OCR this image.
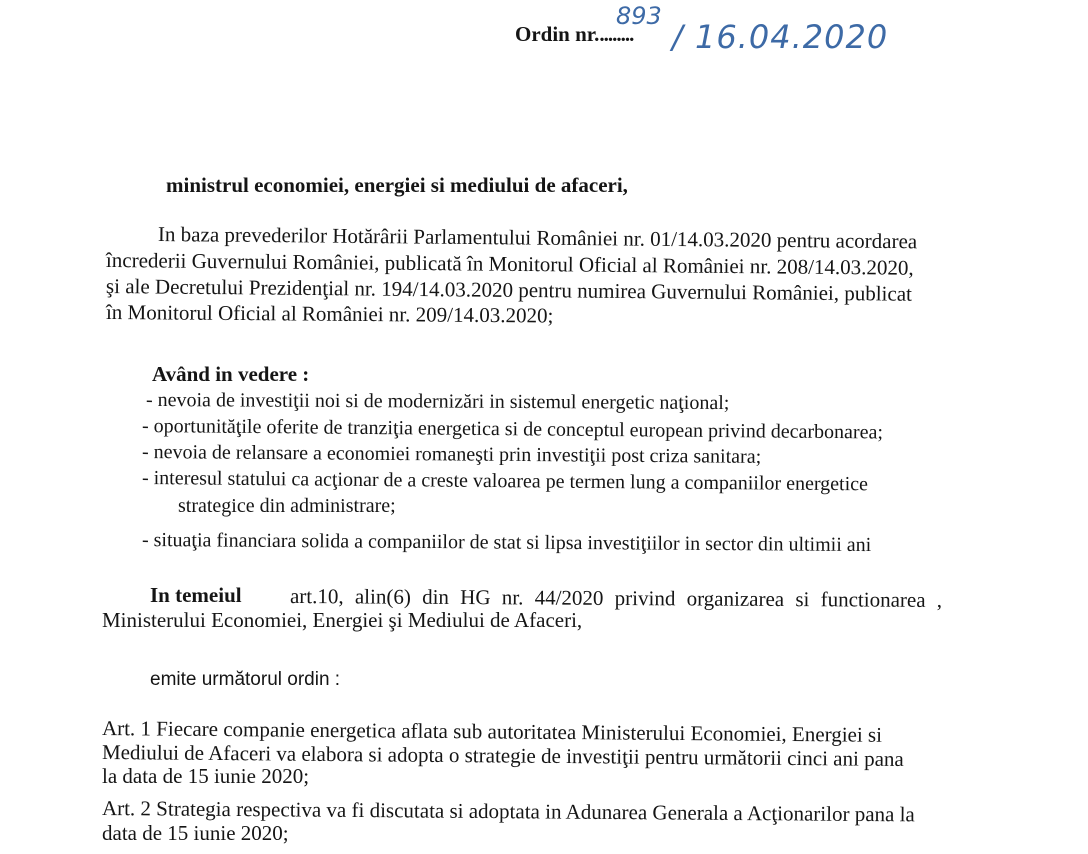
Ordin nr.........
893
/ 16.04.2020
ministrul economiei, energiei si mediului de afaceri,
In baza prevederilor Hotărârii Parlamentului României nr. 01/14.03.2020 pentru acordarea
încrederii Guvernului României, publicată în Monitorul Oficial al României nr. 208/14.03.2020,
şi ale Decretului Prezidenţial nr. 194/14.03.2020 pentru numirea Guvernului României, publicat
în Monitorul Oficial al României nr. 209/14.03.2020;
Având in vedere :
- nevoia de investiţii noi si de modernizări in sistemul energetic naţional;
- oportunităţile oferite de tranziţia energetica si de conceptul european privind decarbonarea;
- nevoia de relansare a economiei romaneşti prin investiţii post criza sanitara;
- interesul statului ca acţionar de a creste valoarea pe termen lung a companiilor energetice
strategice din administrare;
- situaţia financiara solida a companiilor de stat si lipsa investiţiilor in sector din ultimii ani
In temeiul art.10, alin(6) din HG nr. 44/2020 privind organizarea si functionarea ,
Ministerului Economiei, Energiei şi Mediului de Afaceri,
emite următorul ordin :
Art. 1 Fiecare companie energetica aflata sub autoritatea Ministerului Economiei, Energiei si
Mediului de Afaceri va elabora si adopta o strategie de investiţii pentru următorii cinci ani pana
la data de 15 iunie 2020;
Art. 2 Strategia respectiva va fi discutata si adoptata in Adunarea Generala a Acţionarilor pana la
data de 15 iunie 2020;
